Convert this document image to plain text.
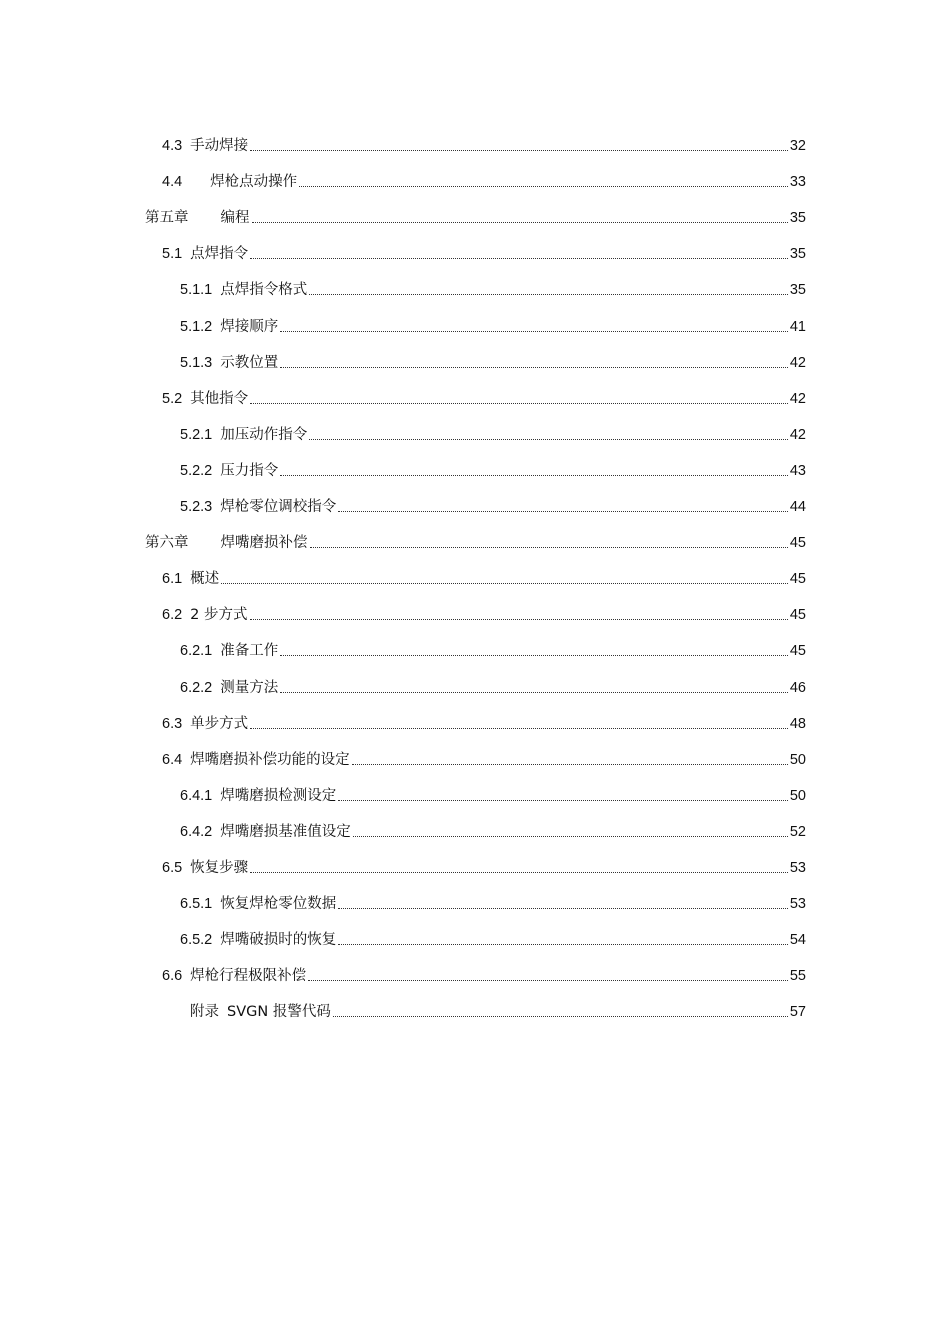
4.3 手动焊接	32
4.4 焊枪点动操作	33
第五章 编程	35
5.1 点焊指令	35
5.1.1 点焊指令格式	35
5.1.2 焊接顺序	41
5.1.3 示教位置	42
5.2 其他指令	42
5.2.1 加压动作指令	42
5.2.2 压力指令	43
5.2.3 焊枪零位调校指令	44
第六章 焊嘴磨损补偿	45
6.1 概述	45
6.2 2 步方式	45
6.2.1 准备工作	45
6.2.2 测量方法	46
6.3 单步方式	48
6.4 焊嘴磨损补偿功能的设定	50
6.4.1 焊嘴磨损检测设定	50
6.4.2 焊嘴磨损基准值设定	52
6.5 恢复步骤	53
6.5.1 恢复焊枪零位数据	53
6.5.2 焊嘴破损时的恢复	54
6.6 焊枪行程极限补偿	55
附录 SVGN 报警代码	57
